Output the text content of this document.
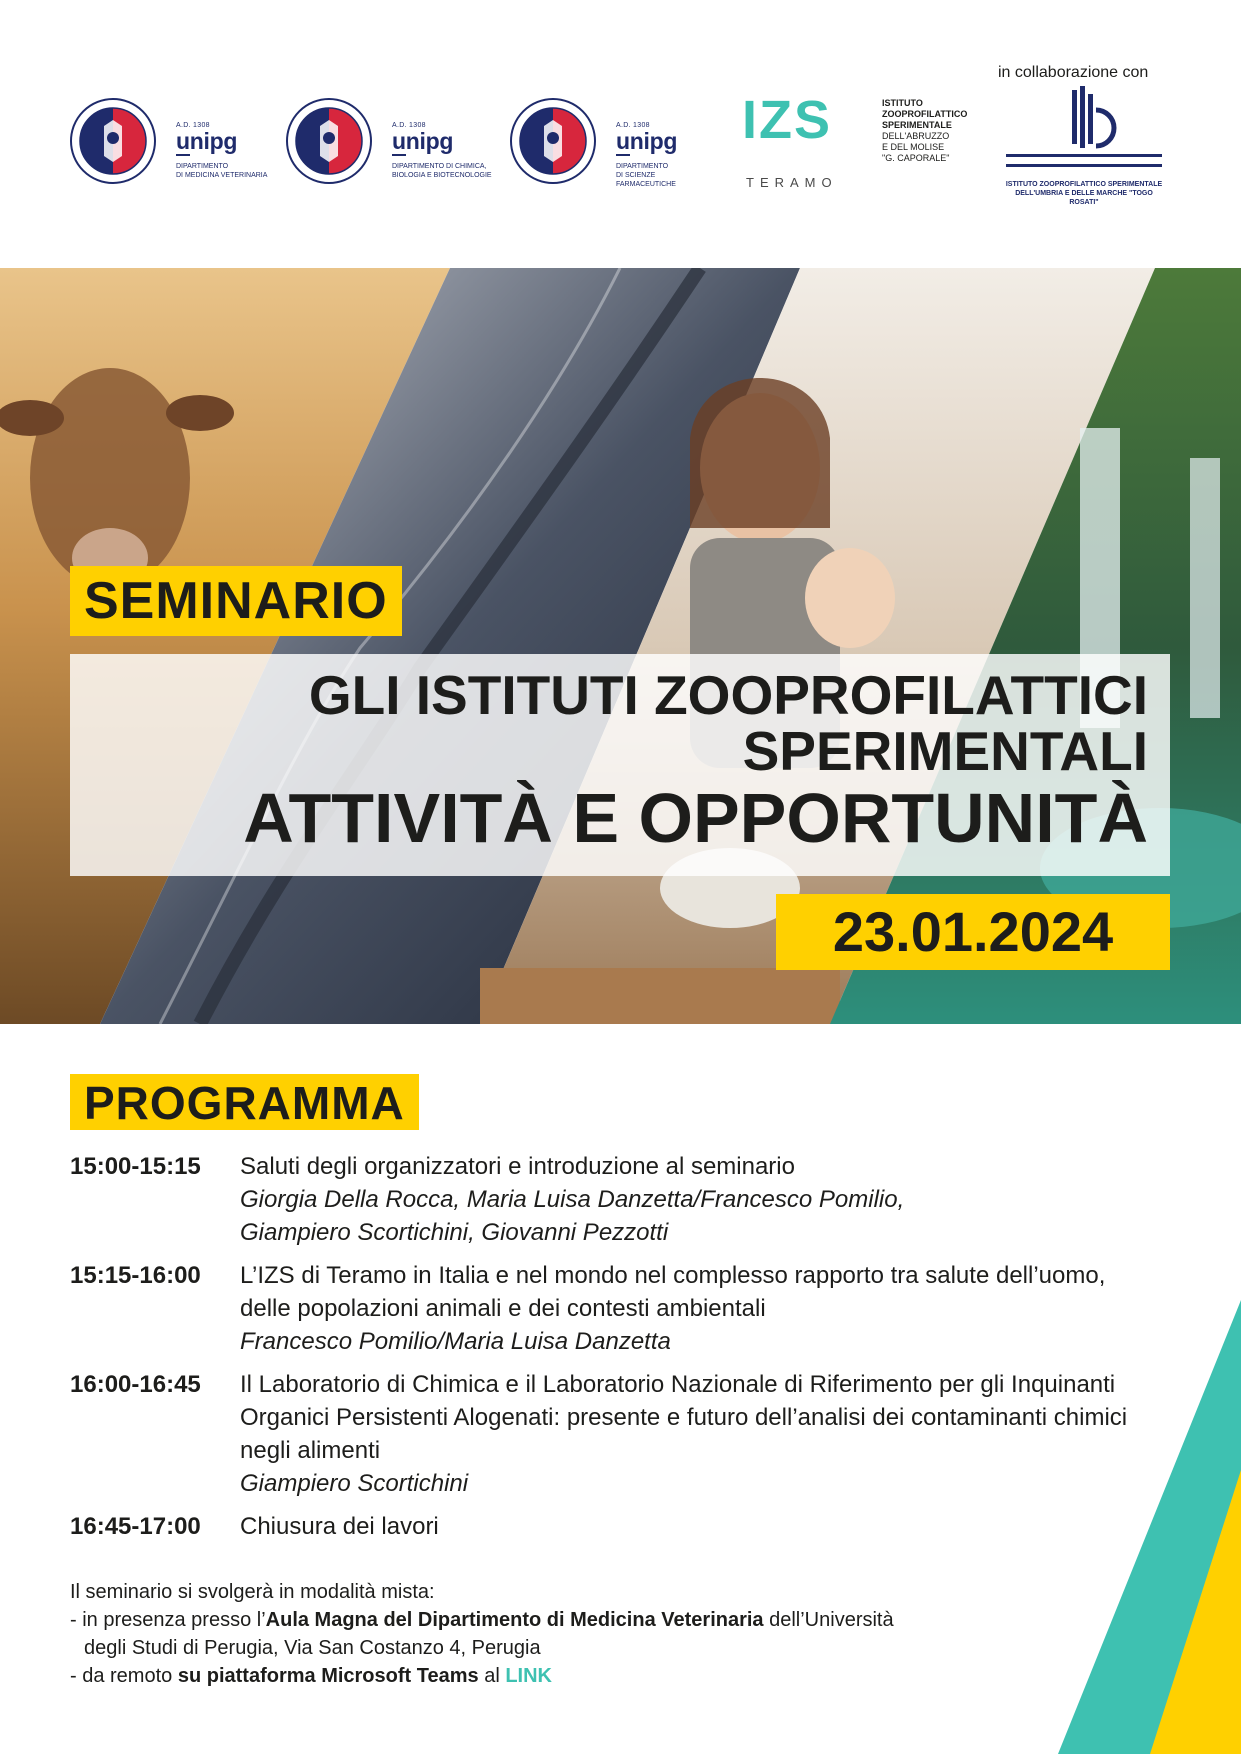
A.D. 1308
unipg
DIPARTIMENTO
DI MEDICINA VETERINARIA
A.D. 1308
unipg
DIPARTIMENTO DI CHIMICA,
BIOLOGIA E BIOTECNOLOGIE
A.D. 1308
unipg
DIPARTIMENTO
DI SCIENZE FARMACEUTICHE
IZS
TERAMO
ISTITUTO
ZOOPROFILATTICO
SPERIMENTALE
DELL'ABRUZZO
E DEL MOLISE
"G. CAPORALE"
in collaborazione con
ISTITUTO ZOOPROFILATTICO SPERIMENTALE
DELL'UMBRIA E DELLE MARCHE "TOGO ROSATI"
SEMINARIO
GLI ISTITUTI ZOOPROFILATTICI
SPERIMENTALI
ATTIVITÀ E OPPORTUNITÀ
23.01.2024
PROGRAMMA
15:00-15:15 Saluti degli organizzatori e introduzione al seminario
Giorgia Della Rocca, Maria Luisa Danzetta/Francesco Pomilio,
Giampiero Scortichini, Giovanni Pezzotti
15:15-16:00 L’IZS di Teramo in Italia e nel mondo nel complesso rapporto tra salute dell’uomo, delle popolazioni animali e dei contesti ambientali
Francesco Pomilio/Maria Luisa Danzetta
16:00-16:45 Il Laboratorio di Chimica e il Laboratorio Nazionale di Riferimento per gli Inquinanti Organici Persistenti Alogenati: presente e futuro dell’analisi dei contaminanti chimici negli alimenti
Giampiero Scortichini
16:45-17:00 Chiusura dei lavori
Il seminario si svolgerà in modalità mista:
- in presenza presso l’Aula Magna del Dipartimento di Medicina Veterinaria dell’Università
degli Studi di Perugia, Via San Costanzo 4, Perugia
- da remoto su piattaforma Microsoft Teams al LINK
